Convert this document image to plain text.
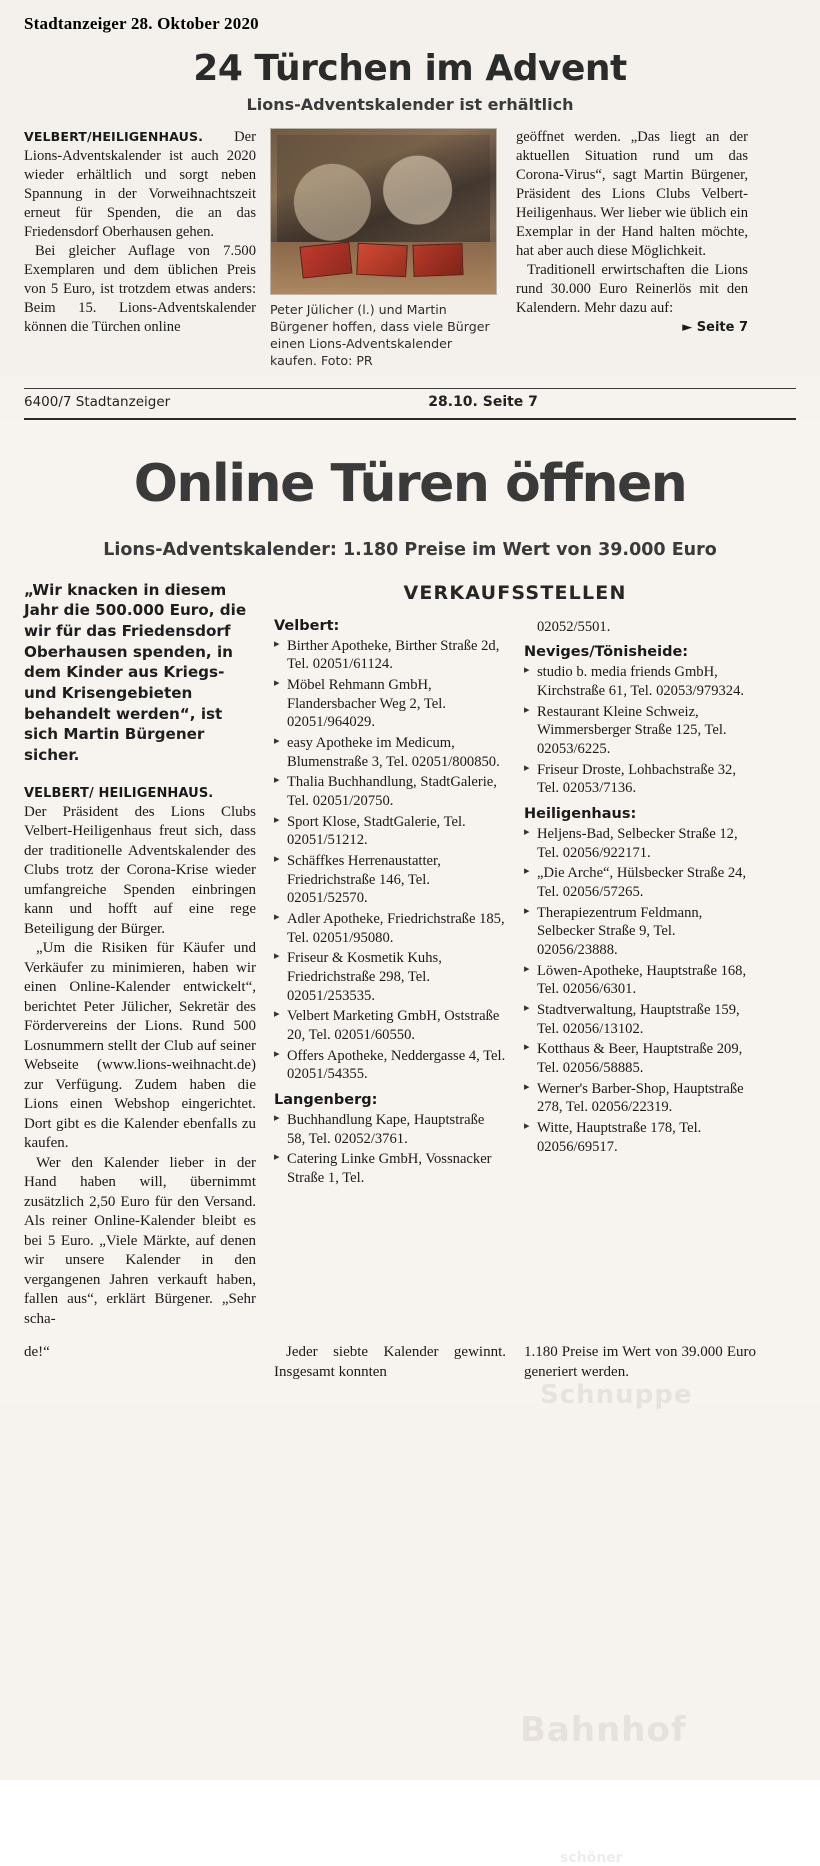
Stadtanzeiger 28. Oktober 2020
24 Türchen im Advent
Lions-Adventskalender ist erhältlich

VELBERT/HEILIGENHAUS. Der Lions-Adventskalender ist auch 2020 wieder erhältlich und sorgt neben Spannung in der Vorweihnachtszeit erneut für Spenden, die an das Friedensdorf Oberhausen gehen.

Bei gleicher Auflage von 7.500 Exemplaren und dem üblichen Preis von 5 Euro, ist trotzdem etwas anders: Beim 15. Lions-Adventskalender können die Türchen online

Peter Jülicher (l.) und Martin Bürgener hoffen, dass viele Bürger einen Lions-Adventskalender kaufen. Foto: PR

geöffnet werden. „Das liegt an der aktuellen Situation rund um das Corona-Virus“, sagt Martin Bürgener, Präsident des Lions Clubs Velbert-Heiligenhaus. Wer lieber wie üblich ein Exemplar in der Hand halten möchte, hat aber auch diese Möglichkeit.

Traditionell erwirtschaften die Lions rund 30.000 Euro Reinerlös mit den Kalendern. Mehr dazu auf:

► Seite 7
6400/7 Stadtanzeiger	28.10. Seite 7
Schnuppe
Bahnhof
schöner
Online Türen öffnen
Lions-Adventskalender: 1.180 Preise im Wert von 39.000 Euro
„Wir knacken in diesem Jahr die 500.000 Euro, die wir für das Friedensdorf Oberhausen spenden, in dem Kinder aus Kriegs- und Krisengebieten behandelt werden“, ist sich Martin Bürgener sicher.
VELBERT/ HEILIGENHAUS.

Der Präsident des Lions Clubs Velbert-Heiligenhaus freut sich, dass der traditionelle Adventskalender des Clubs trotz der Corona-Krise wieder umfangreiche Spenden einbringen kann und hofft auf eine rege Beteiligung der Bürger.

„Um die Risiken für Käufer und Verkäufer zu minimieren, haben wir einen Online-Kalender entwickelt“, berichtet Peter Jülicher, Sekretär des Fördervereins der Lions. Rund 500 Losnummern stellt der Club auf seiner Webseite (www.lions-weihnacht.de) zur Verfügung. Zudem haben die Lions einen Webshop eingerichtet. Dort gibt es die Kalender ebenfalls zu kaufen.

Wer den Kalender lieber in der Hand haben will, übernimmt zusätzlich 2,50 Euro für den Versand. Als reiner Online-Kalender bleibt es bei 5 Euro. „Viele Märkte, auf denen wir unsere Kalender in den vergangenen Jahren verkauft haben, fallen aus“, erklärt Bürgener. „Sehr scha-

VERKAUFSSTELLEN
Velbert:
▸ Birther Apotheke, Birther Straße 2d, Tel. 02051/61124.
▸ Möbel Rehmann GmbH, Flandersbacher Weg 2, Tel. 02051/964029.
▸ easy Apotheke im Medicum, Blumenstraße 3, Tel. 02051/800850.
▸ Thalia Buchhandlung, StadtGalerie, Tel. 02051/20750.
▸ Sport Klose, StadtGalerie, Tel. 02051/51212.
▸ Schäffkes Herrenaustatter, Friedrichstraße 146, Tel. 02051/52570.
▸ Adler Apotheke, Friedrichstraße 185, Tel. 02051/95080.
▸ Friseur & Kosmetik Kuhs, Friedrichstraße 298, Tel. 02051/253535.
▸ Velbert Marketing GmbH, Oststraße 20, Tel. 02051/60550.
▸ Offers Apotheke, Neddergasse 4, Tel. 02051/54355.
Langenberg:
▸ Buchhandlung Kape, Hauptstraße 58, Tel. 02052/3761.
▸ Catering Linke GmbH, Vossnacker Straße 1, Tel.
02052/5501.
Neviges/Tönisheide:
▸ studio b. media friends GmbH, Kirchstraße 61, Tel. 02053/979324.
▸ Restaurant Kleine Schweiz, Wimmersberger Straße 125, Tel. 02053/6225.
▸ Friseur Droste, Lohbachstraße 32, Tel. 02053/7136.
Heiligenhaus:
▸ Heljens-Bad, Selbecker Straße 12, Tel. 02056/922171.
▸ „Die Arche“, Hülsbecker Straße 24, Tel. 02056/57265.
▸ Therapiezentrum Feldmann, Selbecker Straße 9, Tel. 02056/23888.
▸ Löwen-Apotheke, Hauptstraße 168, Tel. 02056/6301.
▸ Stadtverwaltung, Hauptstraße 159, Tel. 02056/13102.
▸ Kotthaus & Beer, Hauptstraße 209, Tel. 02056/58885.
▸ Werner's Barber-Shop, Hauptstraße 278, Tel. 02056/22319.
▸ Witte, Hauptstraße 178, Tel. 02056/69517.

de!“	Jeder siebte Kalender gewinnt. Insgesamt konnten

1.180 Preise im Wert von 39.000 Euro generiert werden.
